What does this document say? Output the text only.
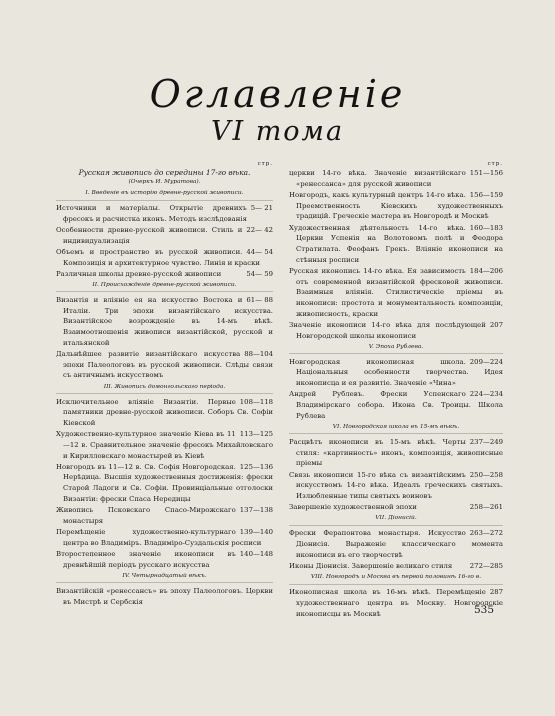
Оглавленіе
VI тома
стр.
Русская живопись до середины 17-го вѣка.
(Очеркъ И. Муратова).
I. Введеніе въ исторію древне-русской живописи.
5— 21
Источники и матеріалы. Открытіе древнихъ фресокъ и расчистка иконъ. Методъ изслѣдованія
22— 42
Особенности древне-русской живописи. Стиль и индивидуализація
44— 54
Объемъ и пространство въ русской живописи. Композиція и архитектурное чувство. Линія и краски
54— 59
Различныя школы древне-русской живописи
II. Происхожденіе древне-русской живописи.
61— 88
Византія и вліяніе ея на искусство Востока и Италіи. Три эпохи византійскаго искусства. Византійское возрожденіе въ 14-мъ вѣкѣ. Взаимоотношенія живописи византійской, русской и итальянской
88—104
Дальнѣйшее развитіе византійскаго искусства эпохи Палеологовъ въ русской живописи. Слѣды связи съ античнымъ искусствомъ
III. Живопись домонгольскаго періода.
108—118
Исключительное вліяніе Византіи. Первые памятники древне-русской живописи. Соборъ Св. Софіи Кіевской
113—125
Художественно-культурное значеніе Кіева въ 11—12 в. Сравнительное значеніе фресокъ Михайловскаго и Кирилловскаго монастырей въ Кіевѣ
125—136
Новгородъ въ 11—12 в. Св. Софія Новгородская. Нерѣдица. Высшія художественныя достиженія: фрески Старой Ладоги и Св. Софіи. Провинціальные отголоски Византіи: фрески Спаса Нередицы
137—138
Живопись Псковскаго Спасо-Мирожскаго монастыря
139—140
Перемѣщеніе художественно-культурнаго центра во Владиміръ. Владиміро-Суздальскія росписи
140—148
Второстепенное значеніе иконописи въ древнѣйшій періодъ русскаго искусства
IV. Четырнадцатый вѣкъ.
Византійскій «ренессансъ» въ эпоху Палеологовъ. Церкви въ Мистрѣ и Сербскія
стр.
151—156
церкви 14-го вѣка. Значеніе византійскаго «ренессанса» для русской живописи
156—159
Новгородъ, какъ культурный центръ 14-го вѣка. Преемственность Кіевскихъ художественныхъ традицій. Греческіе мастера въ Новгородѣ и Москвѣ
160—183
Художественная дѣятельность 14-го вѣка. Церкви Успенія на Волотовомъ полѣ и Феодора Стратилата. Феофанъ Грекъ. Вліяніе иконописи на стѣнныя росписи
184—206
Русская иконопись 14-го вѣка. Ея зависимость отъ современной византійской фресковой живописи. Взаимныя вліянія. Стилистическіе пріемы въ иконописи: простота и монументальность композиціи, живописность, краски
207
Значеніе иконописи 14-го вѣка для послѣдующей Новгородской школы иконописи
V. Эпоха Рублева.
209—224
Новгородская иконописная школа. Національныя особенности творчества. Идея иконописца и ея развитіе. Значеніе «Чина»
224—234
Андрей Рублевъ. Фрески Успенскаго Владимірскаго собора. Икона Св. Троицы. Школа Рублева
VI. Новгородская школа въ 15-мъ вѣкѣ.
237—249
Расцвѣтъ иконописи въ 15-мъ вѣкѣ. Черты стиля: «картинность» иконъ, композиція, живописные пріемы
250—258
Связь иконописи 15-го вѣка съ византійскимъ искусствомъ 14-го вѣка. Идеалъ греческихъ святыхъ. Излюбленные типы святыхъ воиновъ
258—261
Завершеніе художественной эпохи
VII. Діонисій.
263—272
Фрески Ферапонтова монастыря. Искусство Діонисія. Выраженіе классическаго момента иконописи въ его творчествѣ
272—285
Иконы Діонисія. Завершеніе великаго стиля
VIII. Новгородъ и Москва въ первой половинѣ 16-го в.
287
Иконописная школа въ 16-мъ вѣкѣ. Перемѣщеніе художественнаго центра въ Москву. Новгородскіе иконописцы въ Москвѣ	535
